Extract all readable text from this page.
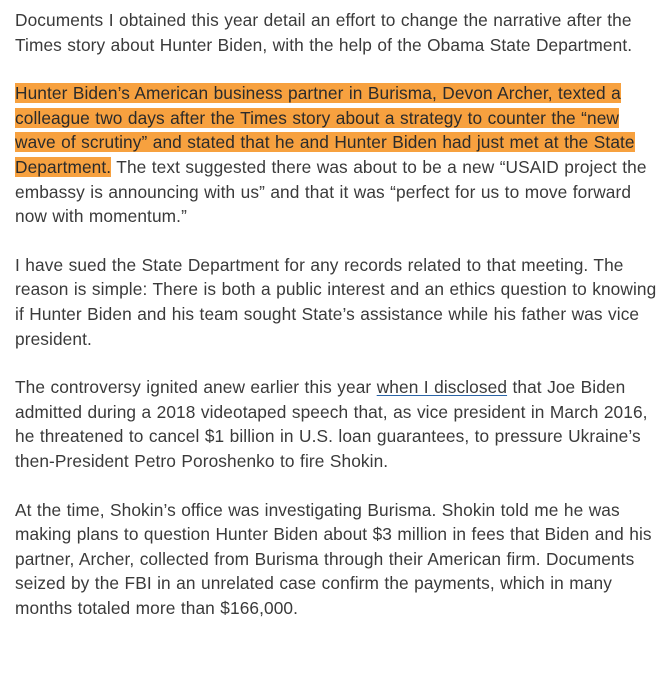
Documents I obtained this year detail an effort to change the narrative after the Times story about Hunter Biden, with the help of the Obama State Department.

Hunter Biden’s American business partner in Burisma, Devon Archer, texted a colleague two days after the Times story about a strategy to counter the “new wave of scrutiny” and stated that he and Hunter Biden had just met at the State Department. The text suggested there was about to be a new “USAID project the embassy is announcing with us” and that it was “perfect for us to move forward now with momentum.”

I have sued the State Department for any records related to that meeting. The reason is simple: There is both a public interest and an ethics question to knowing if Hunter Biden and his team sought State’s assistance while his father was vice president.

The controversy ignited anew earlier this year when I disclosed that Joe Biden admitted during a 2018 videotaped speech that, as vice president in March 2016, he threatened to cancel $1 billion in U.S. loan guarantees, to pressure Ukraine’s then-President Petro Poroshenko to fire Shokin.

At the time, Shokin’s office was investigating Burisma. Shokin told me he was making plans to question Hunter Biden about $3 million in fees that Biden and his partner, Archer, collected from Burisma through their American firm. Documents seized by the FBI in an unrelated case confirm the payments, which in many months totaled more than $166,000.
